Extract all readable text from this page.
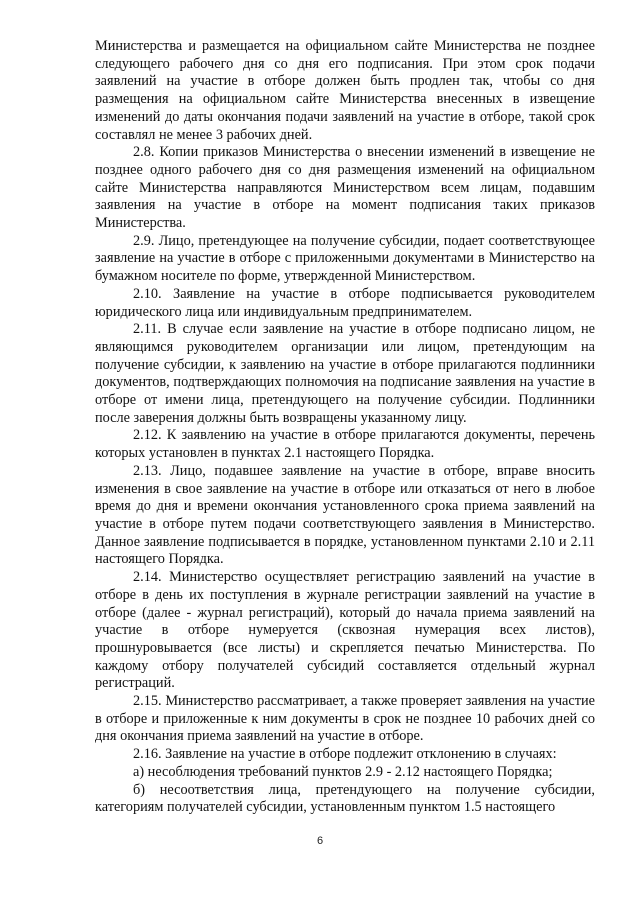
Министерства и размещается на официальном сайте Министерства не позднее следующего рабочего дня со дня его подписания. При этом срок подачи заявлений на участие в отборе должен быть продлен так, чтобы со дня размещения на официальном сайте Министерства внесенных в извещение изменений до даты окончания подачи заявлений на участие в отборе, такой срок составлял не менее 3 рабочих дней.

2.8. Копии приказов Министерства о внесении изменений в извещение не позднее одного рабочего дня со дня размещения изменений на официальном сайте Министерства направляются Министерством всем лицам, подавшим заявления на участие в отборе на момент подписания таких приказов Министерства.

2.9. Лицо, претендующее на получение субсидии, подает соответствующее заявление на участие в отборе с приложенными документами в Министерство на бумажном носителе по форме, утвержденной Министерством.

2.10. Заявление на участие в отборе подписывается руководителем юридического лица или индивидуальным предпринимателем.

2.11. В случае если заявление на участие в отборе подписано лицом, не являющимся руководителем организации или лицом, претендующим на получение субсидии, к заявлению на участие в отборе прилагаются подлинники документов, подтверждающих полномочия на подписание заявления на участие в отборе от имени лица, претендующего на получение субсидии. Подлинники после заверения должны быть возвращены указанному лицу.

2.12. К заявлению на участие в отборе прилагаются документы, перечень которых установлен в пунктах 2.1 настоящего Порядка.

2.13. Лицо, подавшее заявление на участие в отборе, вправе вносить изменения в свое заявление на участие в отборе или отказаться от него в любое время до дня и времени окончания установленного срока приема заявлений на участие в отборе путем подачи соответствующего заявления в Министерство. Данное заявление подписывается в порядке, установленном пунктами 2.10 и 2.11 настоящего Порядка.

2.14. Министерство осуществляет регистрацию заявлений на участие в отборе в день их поступления в журнале регистрации заявлений на участие в отборе (далее - журнал регистраций), который до начала приема заявлений на участие в отборе нумеруется (сквозная нумерация всех листов), прошнуровывается (все листы) и скрепляется печатью Министерства. По каждому отбору получателей субсидий составляется отдельный журнал регистраций.

2.15. Министерство рассматривает, а также проверяет заявления на участие в отборе и приложенные к ним документы в срок не позднее 10 рабочих дней со дня окончания приема заявлений на участие в отборе.

2.16. Заявление на участие в отборе подлежит отклонению в случаях:

а) несоблюдения требований пунктов 2.9 - 2.12 настоящего Порядка;

б) несоответствия лица, претендующего на получение субсидии, категориям получателей субсидии, установленным пунктом 1.5 настоящего

6
